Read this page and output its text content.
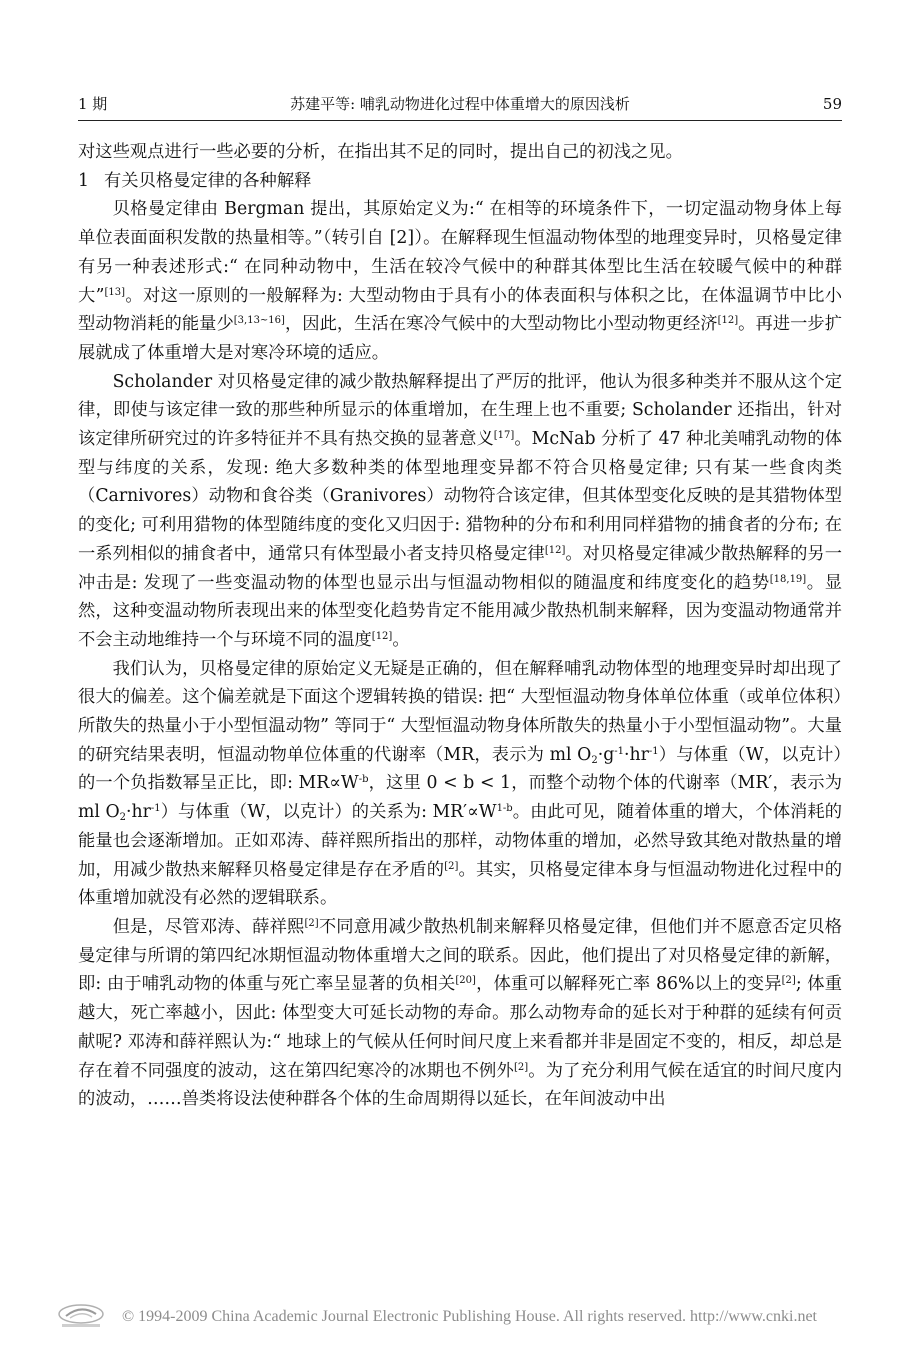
1 期	苏建平等: 哺乳动物进化过程中体重增大的原因浅析	59

对这些观点进行一些必要的分析，在指出其不足的同时，提出自己的初浅之见。

1 有关贝格曼定律的各种解释

贝格曼定律由 Bergman 提出，其原始定义为:“ 在相等的环境条件下，一切定温动物身体上每单位表面面积发散的热量相等。”（转引自 [2]）。在解释现生恒温动物体型的地理变异时，贝格曼定律有另一种表述形式:“ 在同种动物中，生活在较冷气候中的种群其体型比生活在较暖气候中的种群大”[13]。对这一原则的一般解释为: 大型动物由于具有小的体表面积与体积之比，在体温调节中比小型动物消耗的能量少[3,13~16]，因此，生活在寒冷气候中的大型动物比小型动物更经济[12]。再进一步扩展就成了体重增大是对寒冷环境的适应。

Scholander 对贝格曼定律的减少散热解释提出了严厉的批评，他认为很多种类并不服从这个定律，即使与该定律一致的那些种所显示的体重增加，在生理上也不重要; Scholander 还指出，针对该定律所研究过的许多特征并不具有热交换的显著意义[17]。McNab 分析了 47 种北美哺乳动物的体型与纬度的关系，发现: 绝大多数种类的体型地理变异都不符合贝格曼定律; 只有某一些食肉类（Carnivores）动物和食谷类（Granivores）动物符合该定律，但其体型变化反映的是其猎物体型的变化; 可利用猎物的体型随纬度的变化又归因于: 猎物种的分布和利用同样猎物的捕食者的分布; 在一系列相似的捕食者中，通常只有体型最小者支持贝格曼定律[12]。对贝格曼定律减少散热解释的另一冲击是: 发现了一些变温动物的体型也显示出与恒温动物相似的随温度和纬度变化的趋势[18,19]。显然，这种变温动物所表现出来的体型变化趋势肯定不能用减少散热机制来解释，因为变温动物通常并不会主动地维持一个与环境不同的温度[12]。

我们认为，贝格曼定律的原始定义无疑是正确的，但在解释哺乳动物体型的地理变异时却出现了很大的偏差。这个偏差就是下面这个逻辑转换的错误: 把“ 大型恒温动物身体单位体重（或单位体积）所散失的热量小于小型恒温动物” 等同于“ 大型恒温动物身体所散失的热量小于小型恒温动物”。大量的研究结果表明，恒温动物单位体重的代谢率（MR，表示为 ml $O_2\cdot g^{-1}\cdot hr^{-1}$）与体重（W，以克计）的一个负指数幂呈正比，即: $MR\propto W^{-b}$，这里 0 < b < 1，而整个动物个体的代谢率（MR′，表示为 ml $O_2\cdot hr^{-1}$）与体重（W，以克计）的关系为: $MR'\propto W^{1-b}$。由此可见，随着体重的增大，个体消耗的能量也会逐渐增加。正如邓涛、薛祥熙所指出的那样，动物体重的增加，必然导致其绝对散热量的增加，用减少散热来解释贝格曼定律是存在矛盾的[2]。其实，贝格曼定律本身与恒温动物进化过程中的体重增加就没有必然的逻辑联系。

但是，尽管邓涛、薛祥熙[2]不同意用减少散热机制来解释贝格曼定律，但他们并不愿意否定贝格曼定律与所谓的第四纪冰期恒温动物体重增大之间的联系。因此，他们提出了对贝格曼定律的新解，即: 由于哺乳动物的体重与死亡率呈显著的负相关[20]，体重可以解释死亡率 86%以上的变异[2]; 体重越大，死亡率越小，因此: 体型变大可延长动物的寿命。那么动物寿命的延长对于种群的延续有何贡献呢? 邓涛和薛祥熙认为:“ 地球上的气候从任何时间尺度上来看都并非是固定不变的，相反，却总是存在着不同强度的波动，这在第四纪寒冷的冰期也不例外[2]。为了充分利用气候在适宜的时间尺度内的波动，……兽类将设法使种群各个体的生命周期得以延长，在年间波动中出

© 1994-2009 China Academic Journal Electronic Publishing House. All rights reserved. http://www.cnki.net
